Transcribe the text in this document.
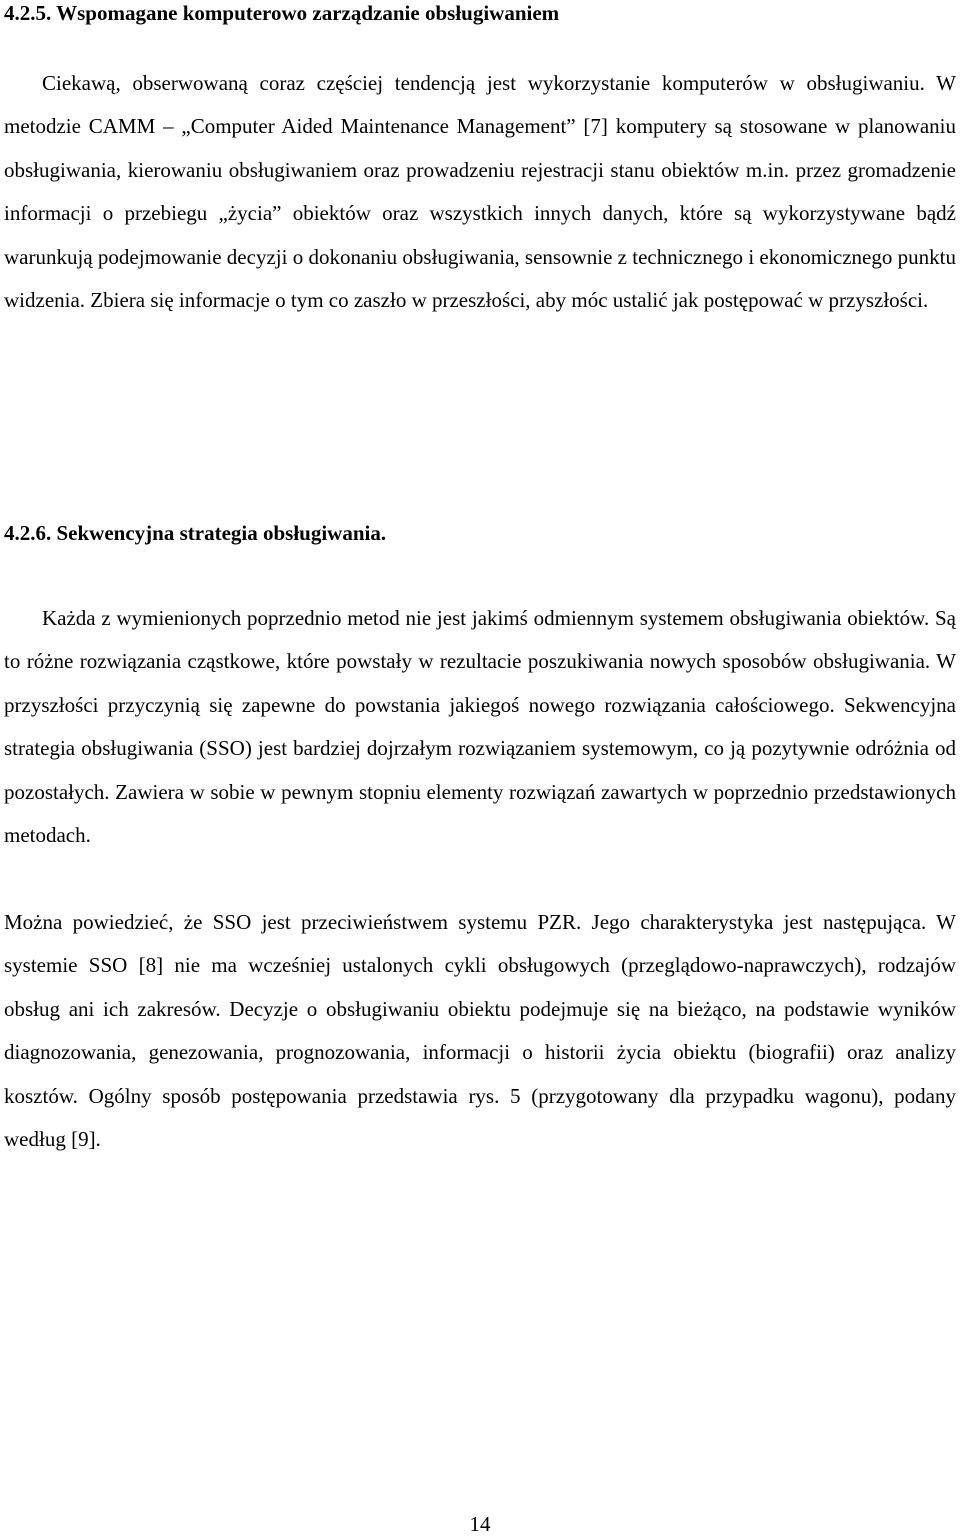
4.2.5. Wspomagane komputerowo zarządzanie obsługiwaniem

Ciekawą, obserwowaną coraz częściej tendencją jest wykorzystanie komputerów w obsługiwaniu. W metodzie CAMM – „Computer Aided Maintenance Management” [7] komputery są stosowane w planowaniu obsługiwania, kierowaniu obsługiwaniem oraz prowadzeniu rejestracji stanu obiektów m.in. przez gromadzenie informacji o przebiegu „życia” obiektów oraz wszystkich innych danych, które są wykorzystywane bądź warunkują podejmowanie decyzji o dokonaniu obsługiwania, sensownie z technicznego i ekonomicznego punktu widzenia. Zbiera się informacje o tym co zaszło w przeszłości, aby móc ustalić jak postępować w przyszłości.

4.2.6. Sekwencyjna strategia obsługiwania.

Każda z wymienionych poprzednio metod nie jest jakimś odmiennym systemem obsługiwania obiektów. Są to różne rozwiązania cząstkowe, które powstały w rezultacie poszukiwania nowych sposobów obsługiwania. W przyszłości przyczynią się zapewne do powstania jakiegoś nowego rozwiązania całościowego. Sekwencyjna strategia obsługiwania (SSO) jest bardziej dojrzałym rozwiązaniem systemowym, co ją pozytywnie odróżnia od pozostałych. Zawiera w sobie w pewnym stopniu elementy rozwiązań zawartych w poprzednio przedstawionych metodach.

Można powiedzieć, że SSO jest przeciwieństwem systemu PZR. Jego charakterystyka jest następująca. W systemie SSO [8] nie ma wcześniej ustalonych cykli obsługowych (przeglądowo-naprawczych), rodzajów obsług ani ich zakresów. Decyzje o obsługiwaniu obiektu podejmuje się na bieżąco, na podstawie wyników diagnozowania, genezowania, prognozowania, informacji o historii życia obiektu (biografii) oraz analizy kosztów. Ogólny sposób postępowania przedstawia rys. 5 (przygotowany dla przypadku wagonu), podany według [9].

14
